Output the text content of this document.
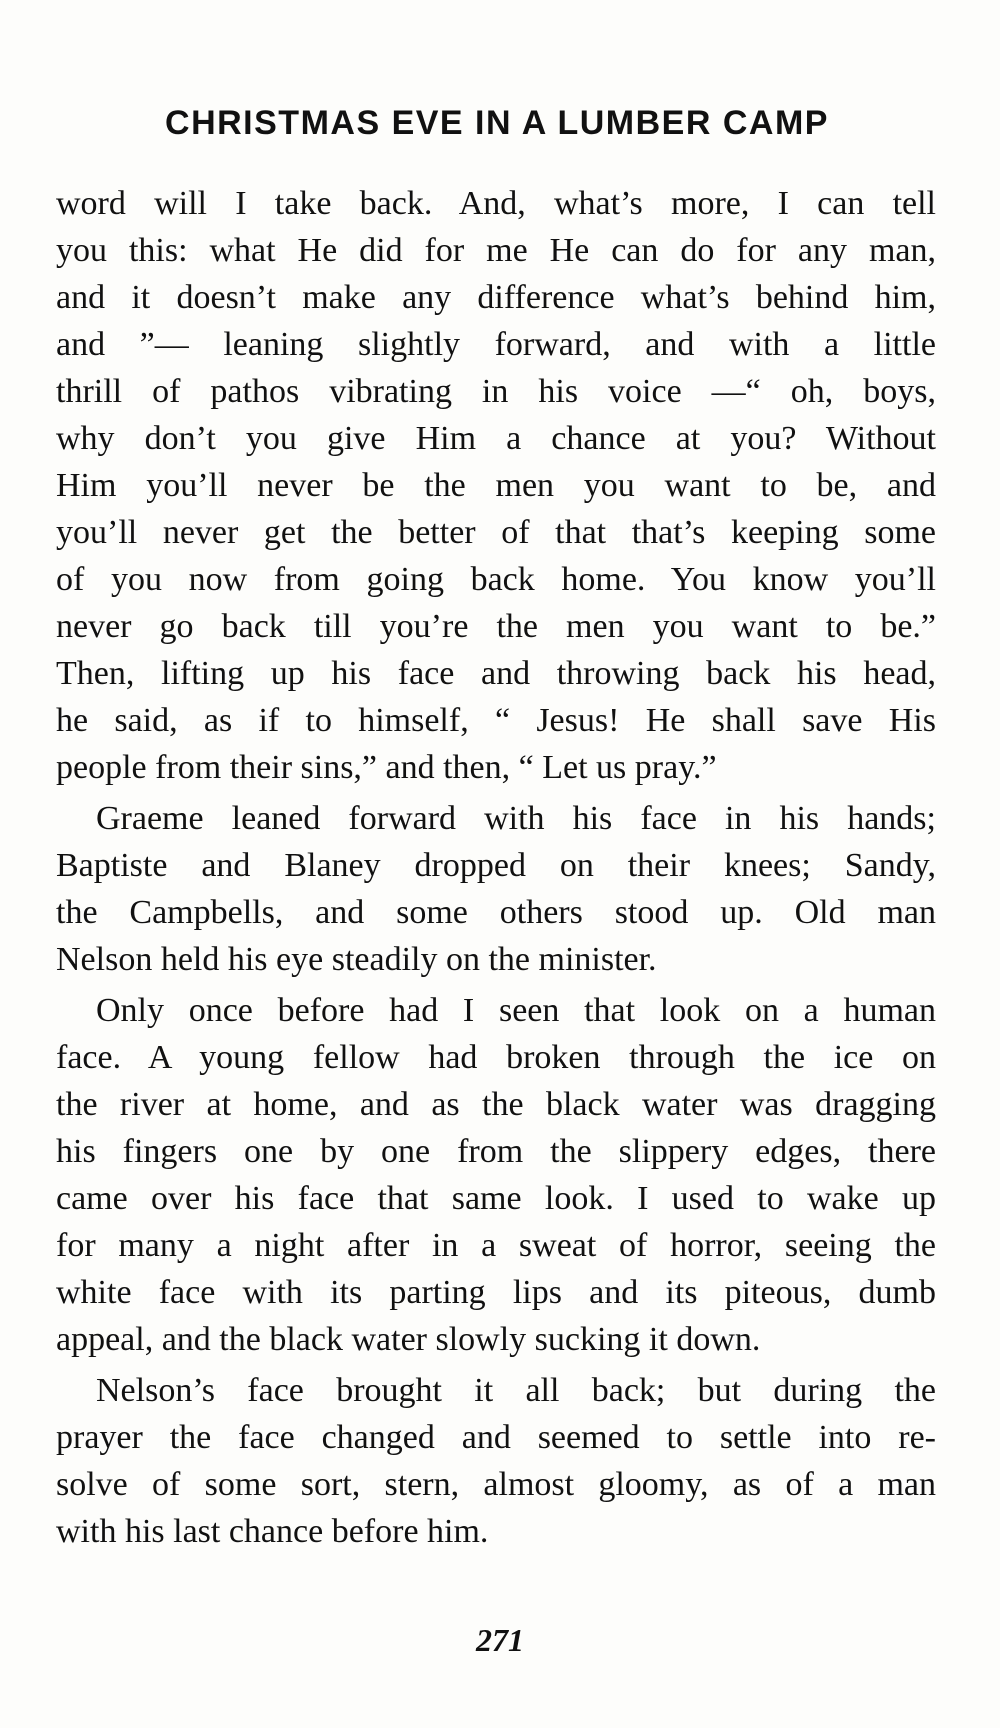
CHRISTMAS EVE IN A LUMBER CAMP
word will I take back. And, what’s more, I can tell
you this: what He did for me He can do for any man,
and it doesn’t make any difference what’s behind him,
and ”— leaning slightly forward, and with a little
thrill of pathos vibrating in his voice —“ oh, boys,
why don’t you give Him a chance at you? Without
Him you’ll never be the men you want to be, and
you’ll never get the better of that that’s keeping some
of you now from going back home. You know you’ll
never go back till you’re the men you want to be.”
Then, lifting up his face and throwing back his head,
he said, as if to himself, “ Jesus! He shall save His
people from their sins,” and then, “ Let us pray.”
Graeme leaned forward with his face in his hands;
Baptiste and Blaney dropped on their knees; Sandy,
the Campbells, and some others stood up. Old man
Nelson held his eye steadily on the minister.
Only once before had I seen that look on a human
face. A young fellow had broken through the ice on
the river at home, and as the black water was dragging
his fingers one by one from the slippery edges, there
came over his face that same look. I used to wake up
for many a night after in a sweat of horror, seeing the
white face with its parting lips and its piteous, dumb
appeal, and the black water slowly sucking it down.
Nelson’s face brought it all back; but during the
prayer the face changed and seemed to settle into re-
solve of some sort, stern, almost gloomy, as of a man
with his last chance before him.
271
